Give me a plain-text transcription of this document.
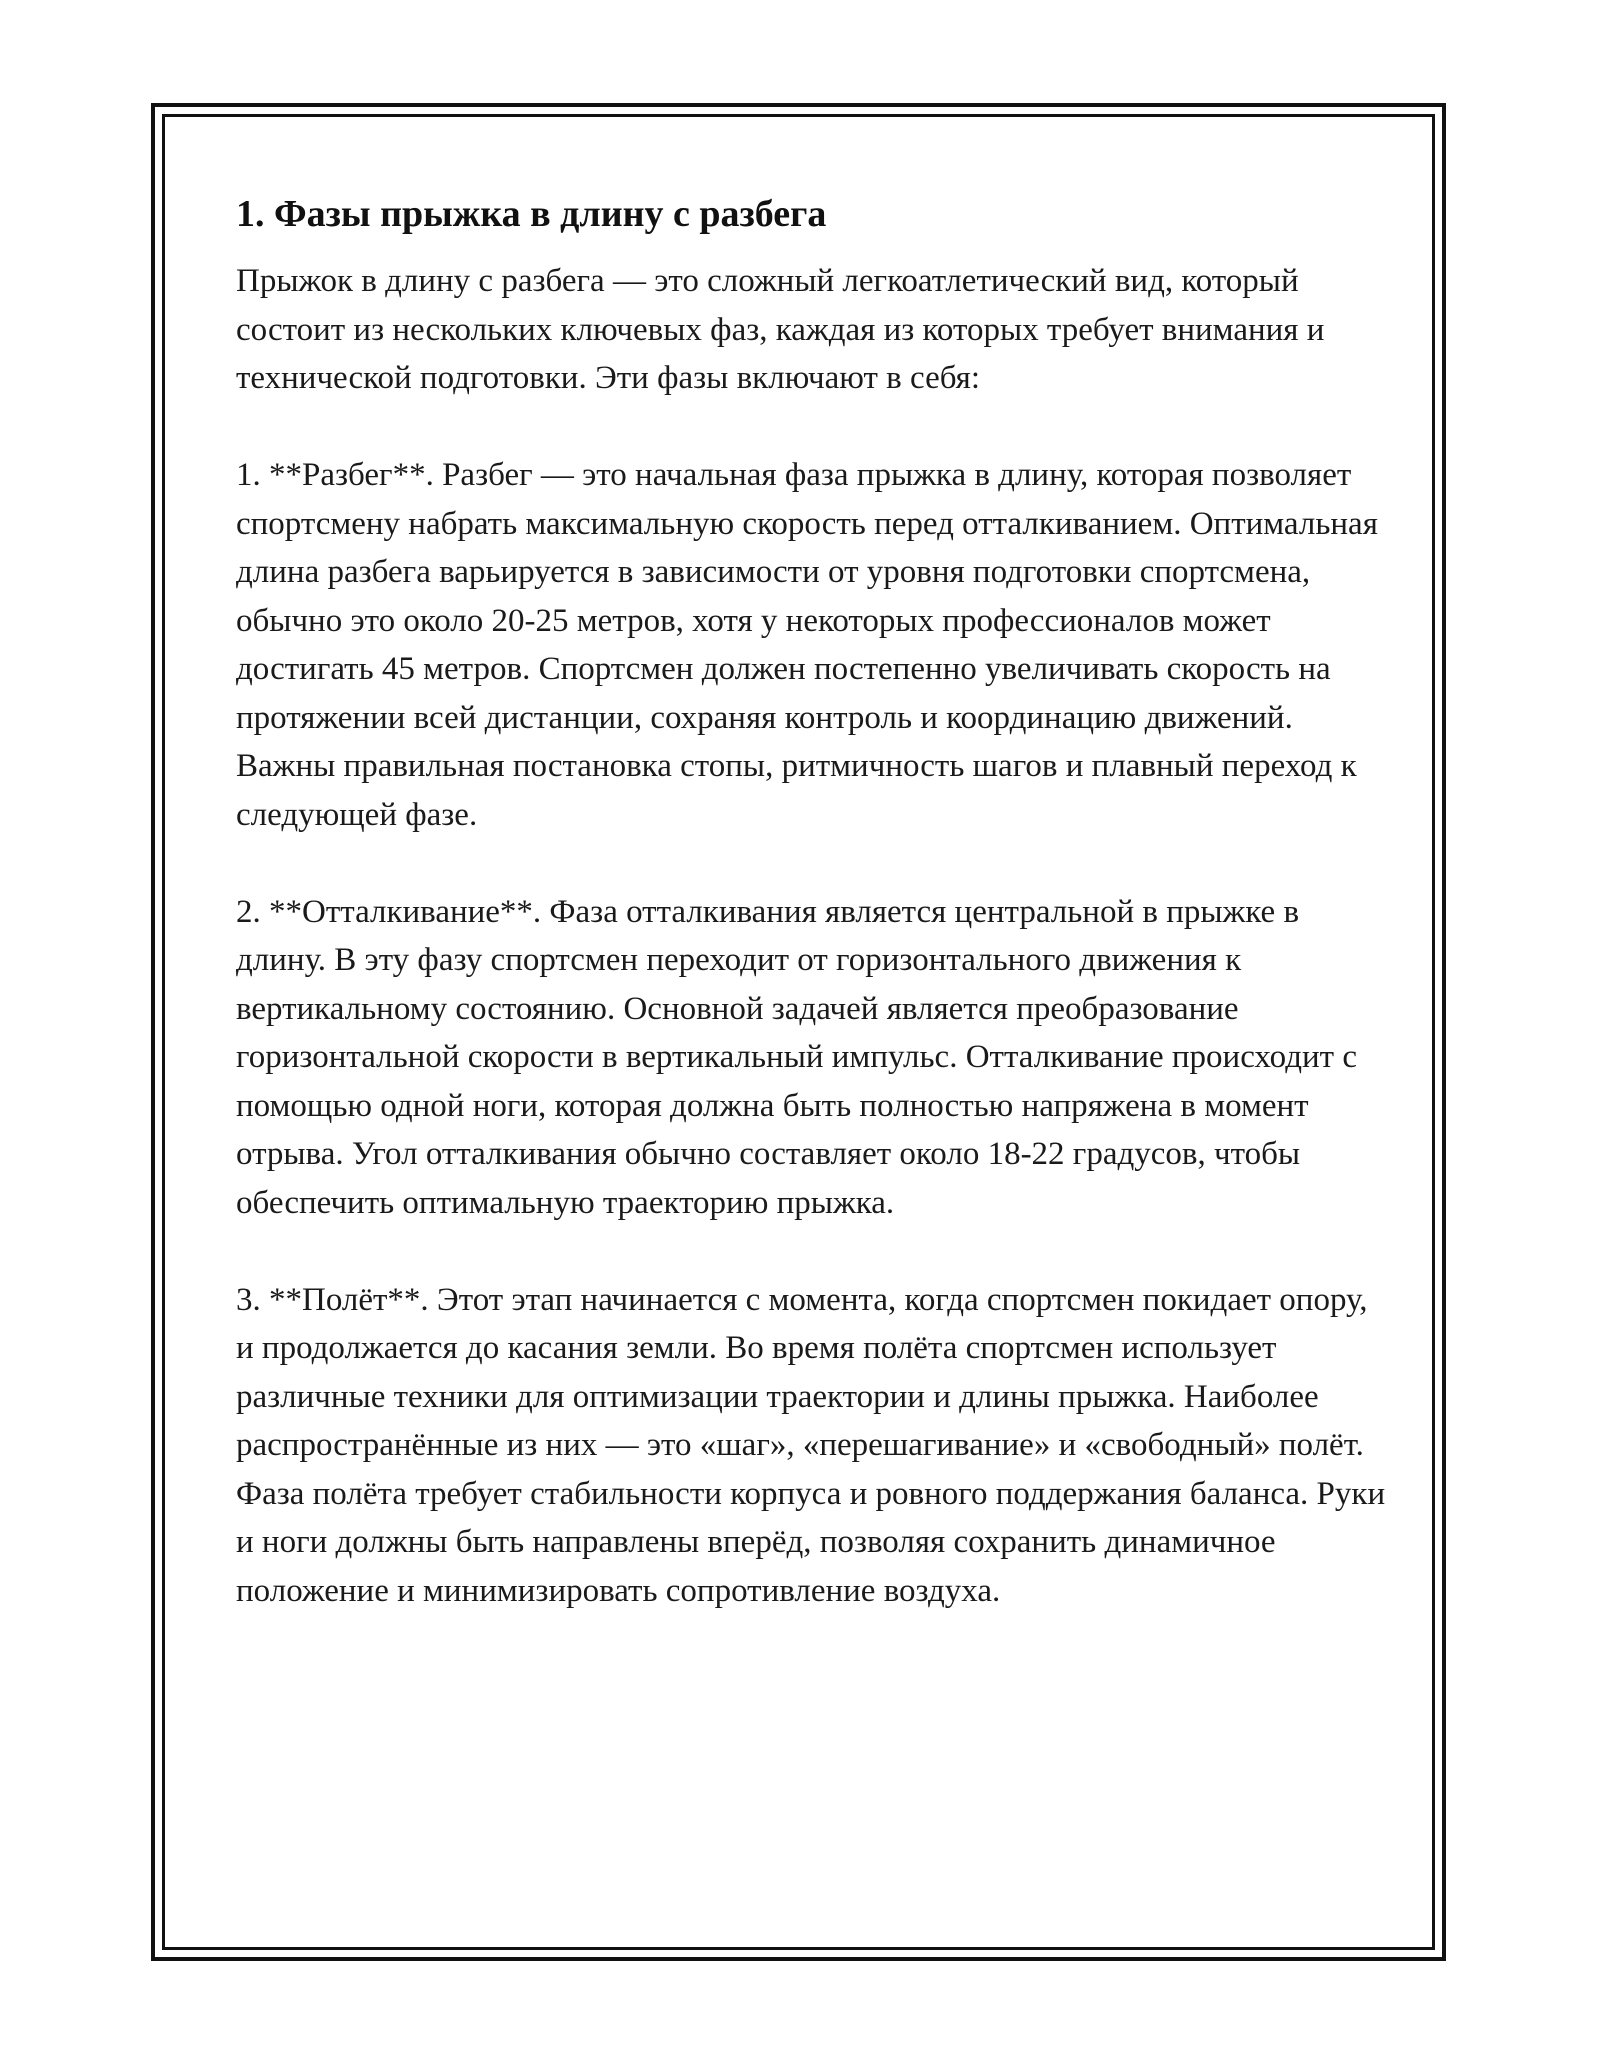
1. Фазы прыжка в длину с разбега

Прыжок в длину с разбега — это сложный легкоатлетический вид, который состоит из нескольких ключевых фаз, каждая из которых требует внимания и технической подготовки. Эти фазы включают в себя:

1. **Разбег**. Разбег — это начальная фаза прыжка в длину, которая позволяет спортсмену набрать максимальную скорость перед отталкиванием. Оптимальная длина разбега варьируется в зависимости от уровня подготовки спортсмена, обычно это около 20-25 метров, хотя у некоторых профессионалов может достигать 45 метров. Спортсмен должен постепенно увеличивать скорость на протяжении всей дистанции, сохраняя контроль и координацию движений. Важны правильная постановка стопы, ритмичность шагов и плавный переход к следующей фазе.

2. **Отталкивание**. Фаза отталкивания является центральной в прыжке в длину. В эту фазу спортсмен переходит от горизонтального движения к вертикальному состоянию. Основной задачей является преобразование горизонтальной скорости в вертикальный импульс. Отталкивание происходит с помощью одной ноги, которая должна быть полностью напряжена в момент отрыва. Угол отталкивания обычно составляет около 18-22 градусов, чтобы обеспечить оптимальную траекторию прыжка.

3. **Полёт**. Этот этап начинается с момента, когда спортсмен покидает опору, и продолжается до касания земли. Во время полёта спортсмен использует различные техники для оптимизации траектории и длины прыжка. Наиболее распространённые из них — это «шаг», «перешагивание» и «свободный» полёт. Фаза полёта требует стабильности корпуса и ровного поддержания баланса. Руки и ноги должны быть направлены вперёд, позволяя сохранить динамичное положение и минимизировать сопротивление воздуха.
